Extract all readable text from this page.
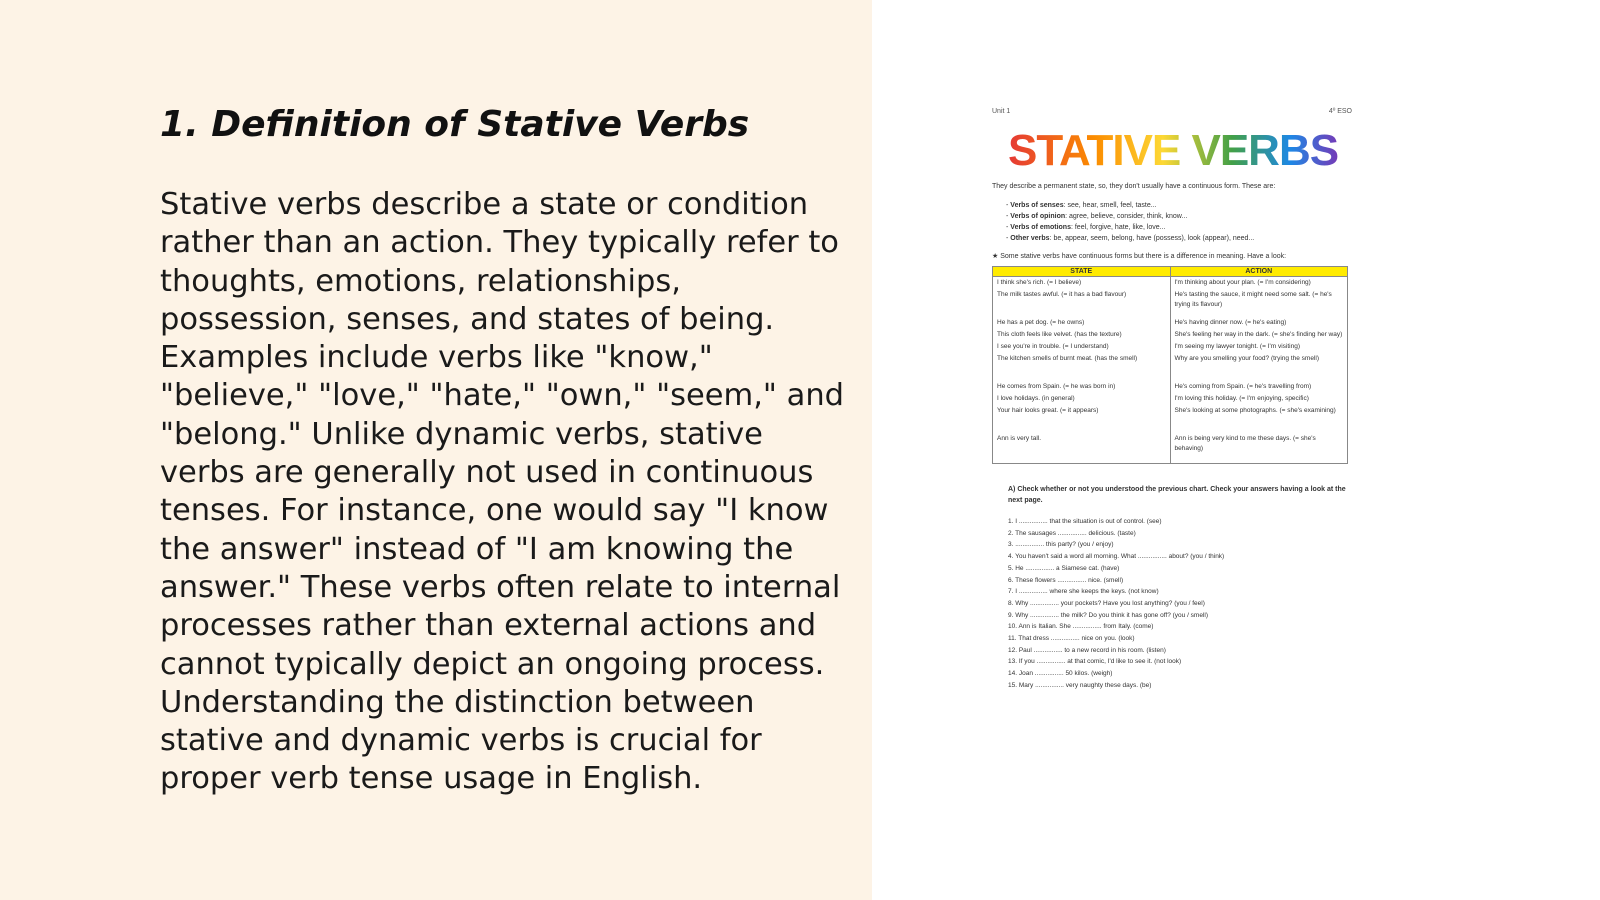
1. Definition of Stative Verbs

Stative verbs describe a state or condition rather than an action. They typically refer to thoughts, emotions, relationships, possession, senses, and states of being. Examples include verbs like "know," "believe," "love," "hate," "own," "seem," and "belong." Unlike dynamic verbs, stative verbs are generally not used in continuous tenses. For instance, one would say "I know the answer" instead of "I am knowing the answer." These verbs often relate to internal processes rather than external actions and cannot typically depict an ongoing process. Understanding the distinction between stative and dynamic verbs is crucial for proper verb tense usage in English.

Unit 1	4º ESO
STATIVE VERBS
They describe a permanent state, so, they don't usually have a continuous form. These are:
- Verbs of senses: see, hear, smell, feel, taste...
- Verbs of opinion: agree, believe, consider, think, know...
- Verbs of emotions: feel, forgive, hate, like, love...
- Other verbs: be, appear, seem, belong, have (possess), look (appear), need...
★ Some stative verbs have continuous forms but there is a difference in meaning. Have a look:
STATE	ACTION
I think she's rich. (= I believe)	I'm thinking about your plan. (= I'm considering)
The milk tastes awful. (= it has a bad flavour)	He's tasting the sauce, it might need some salt. (= he's trying its flavour)
He has a pet dog. (= he owns)	He's having dinner now. (= he's eating)
This cloth feels like velvet. (has the texture)	She's feeling her way in the dark. (= she's finding her way)
I see you're in trouble. (= I understand)	I'm seeing my lawyer tonight. (= I'm visiting)
The kitchen smells of burnt meat. (has the smell)	Why are you smelling your food? (trying the smell)
He comes from Spain. (= he was born in)	He's coming from Spain. (= he's travelling from)
I love holidays. (in general)	I'm loving this holiday. (= I'm enjoying, specific)
Your hair looks great. (= it appears)	She's looking at some photographs. (= she's examining)
Ann is very tall.	Ann is being very kind to me these days. (= she's behaving)
A) Check whether or not you understood the previous chart. Check your answers having a look at the next page.
1. I ................ that the situation is out of control. (see)
2. The sausages ................ delicious. (taste)
3. ................ this party? (you / enjoy)
4. You haven't said a word all morning. What ................ about? (you / think)
5. He ................ a Siamese cat. (have)
6. These flowers ................ nice. (smell)
7. I ................ where she keeps the keys. (not know)
8. Why ................ your pockets? Have you lost anything? (you / feel)
9. Why ................ the milk? Do you think it has gone off? (you / smell)
10. Ann is Italian. She ................ from Italy. (come)
11. That dress ................ nice on you. (look)
12. Paul ................ to a new record in his room. (listen)
13. If you ................ at that comic, I'd like to see it. (not look)
14. Joan ................ 50 kilos. (weigh)
15. Mary ................ very naughty these days. (be)
